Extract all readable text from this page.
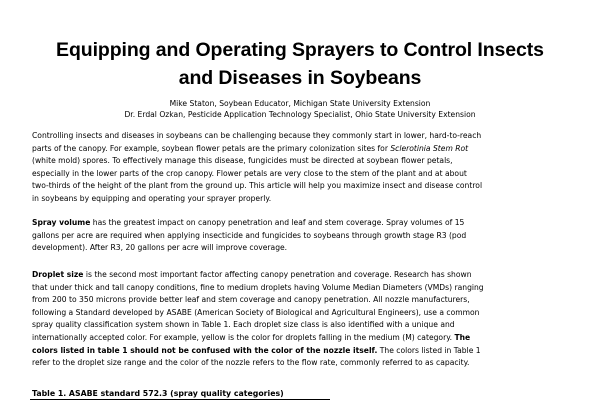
Equipping and Operating Sprayers to Control Insects
and Diseases in Soybeans
Mike Staton, Soybean Educator, Michigan State University Extension
Dr. Erdal Ozkan, Pesticide Application Technology Specialist, Ohio State University Extension
Controlling insects and diseases in soybeans can be challenging because they commonly start in lower, hard-to-reach
parts of the canopy. For example, soybean flower petals are the primary colonization sites for Sclerotinia Stem Rot
(white mold) spores. To effectively manage this disease, fungicides must be directed at soybean flower petals,
especially in the lower parts of the crop canopy. Flower petals are very close to the stem of the plant and at about
two-thirds of the height of the plant from the ground up. This article will help you maximize insect and disease control
in soybeans by equipping and operating your sprayer properly.
Spray volume has the greatest impact on canopy penetration and leaf and stem coverage. Spray volumes of 15
gallons per acre are required when applying insecticide and fungicides to soybeans through growth stage R3 (pod
development). After R3, 20 gallons per acre will improve coverage.
Droplet size is the second most important factor affecting canopy penetration and coverage. Research has shown
that under thick and tall canopy conditions, fine to medium droplets having Volume Median Diameters (VMDs) ranging
from 200 to 350 microns provide better leaf and stem coverage and canopy penetration. All nozzle manufacturers,
following a Standard developed by ASABE (American Society of Biological and Agricultural Engineers), use a common
spray quality classification system shown in Table 1. Each droplet size class is also identified with a unique and
internationally accepted color. For example, yellow is the color for droplets falling in the medium (M) category. The
colors listed in table 1 should not be confused with the color of the nozzle itself. The colors listed in Table 1
refer to the droplet size range and the color of the nozzle refers to the flow rate, commonly referred to as capacity.
Table 1. ASABE standard 572.3 (spray quality categories)
